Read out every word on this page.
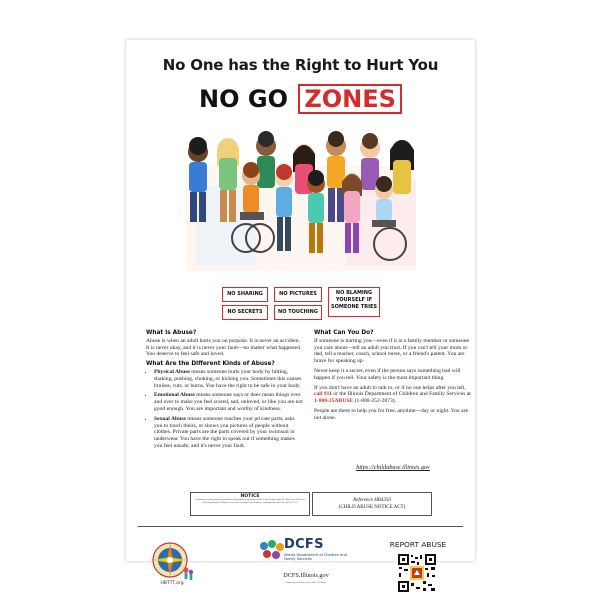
No One has the Right to Hurt You
NO GO ZONES
NO SHARING	NO PICTURES	NO BLAMING
YOURSELF IF
SOMEONE TRIES
NO SECRETS	NO TOUCHING
What is Abuse?

Abuse is when an adult hurts you on purpose. It is never an accident. It is never okay, and it is never your fault—no matter what happened. You deserve to feel safe and loved.

What Are the Different Kinds of Abuse?
• Physical Abuse means someone hurts your body by hitting, shaking, pushing, choking, or kicking you. Sometimes this causes bruises, cuts, or burns. You have the right to be safe in your body.
• Emotional Abuse means someone says or does mean things over and over to make you feel scared, sad, unloved, or like you are not good enough. You are important and worthy of kindness.
• Sexual Abuse means someone touches your private parts, asks you to touch theirs, or shows you pictures of people without clothes. Private parts are the parts covered by your swimsuit or underwear. You have the right to speak out if something makes you feel unsafe, and it's never your fault.
What Can You Do?

If someone is hurting you—even if it is a family member or someone you care about—tell an adult you trust. If you can't tell your mom or dad, tell a teacher, coach, school nurse, or a friend's parent. You are brave for speaking up.

Never keep it a secret, even if the person says something bad will happen if you tell. Your safety is the most important thing.

If you don't have an adult to talk to, or if no one helps after you tell, call 911 or the Illinois Department of Children and Family Services at 1-800-25ABUSE (1-800-252-2873).

People are there to help you for free, anytime—day or night. You are not alone.

https://childabuse.illinois.gov
NOTICE
Reproduction of this poster is permitted for the purpose of informing children of their rights under the Abused and Neglected Child Reporting Act. Display of this notice is required in accordance with applicable state law (325 ILCS 5/).	Reference HB4350
(CHILD ABUSE NOTICE ACT)
HBTTT.org
DCFS
Illinois Department of Children and Family Services
DCFS.Illinois.gov
Printed by authority of the State of Illinois
REPORT ABUSE
